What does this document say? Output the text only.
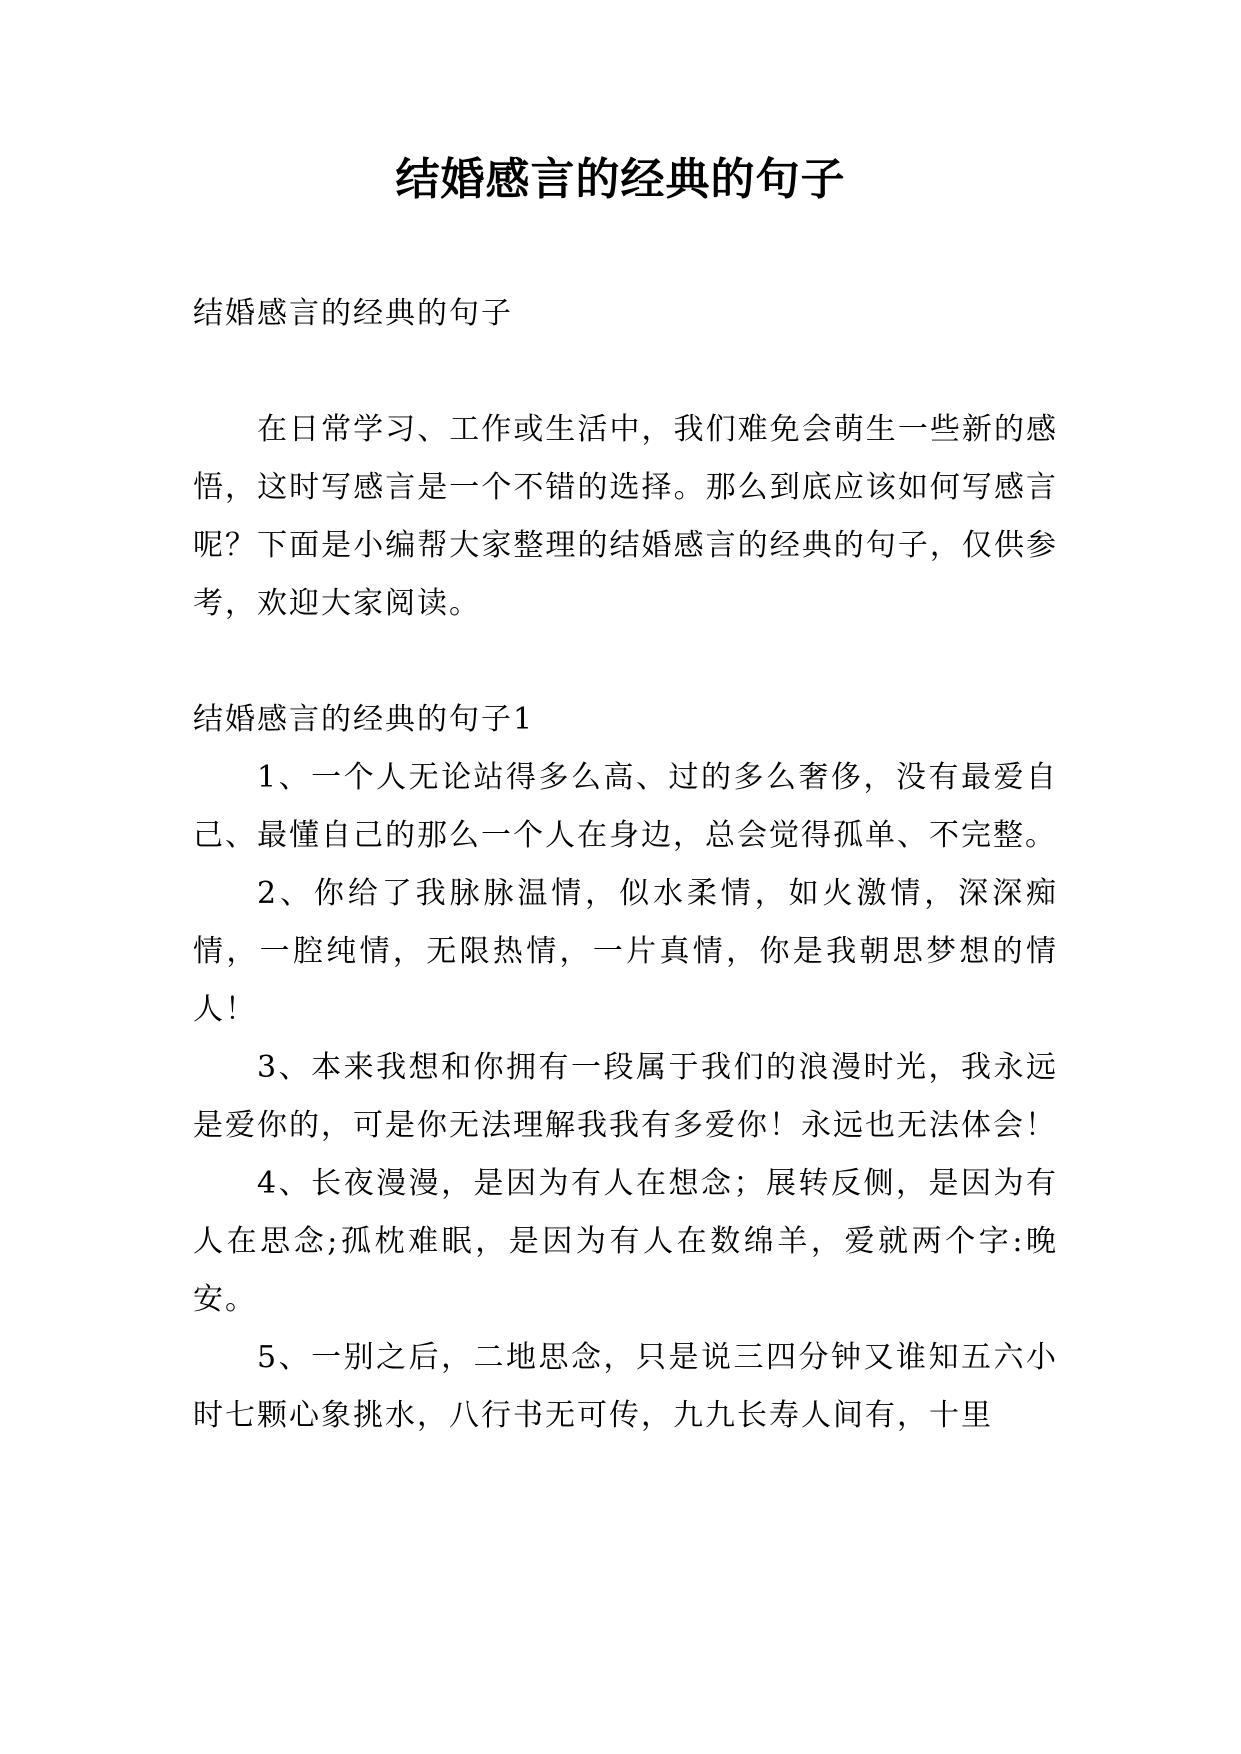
结婚感言的经典的句子

结婚感言的经典的句子

在日常学习、工作或生活中，我们难免会萌生一些新的感悟，这时写感言是一个不错的选择。那么到底应该如何写感言呢？下面是小编帮大家整理的结婚感言的经典的句子，仅供参考，欢迎大家阅读。

结婚感言的经典的句子1

1、一个人无论站得多么高、过的多么奢侈，没有最爱自己、最懂自己的那么一个人在身边，总会觉得孤单、不完整。

2、你给了我脉脉温情，似水柔情，如火激情，深深痴情，一腔纯情，无限热情，一片真情，你是我朝思梦想的情人！

3、本来我想和你拥有一段属于我们的浪漫时光，我永远是爱你的，可是你无法理解我我有多爱你！永远也无法体会！

4、长夜漫漫，是因为有人在想念；展转反侧，是因为有人在思念;孤枕难眠，是因为有人在数绵羊，爱就两个字:晚安。

5、一别之后，二地思念，只是说三四分钟又谁知五六小时七颗心象挑水，八行书无可传，九九长寿人间有，十里
